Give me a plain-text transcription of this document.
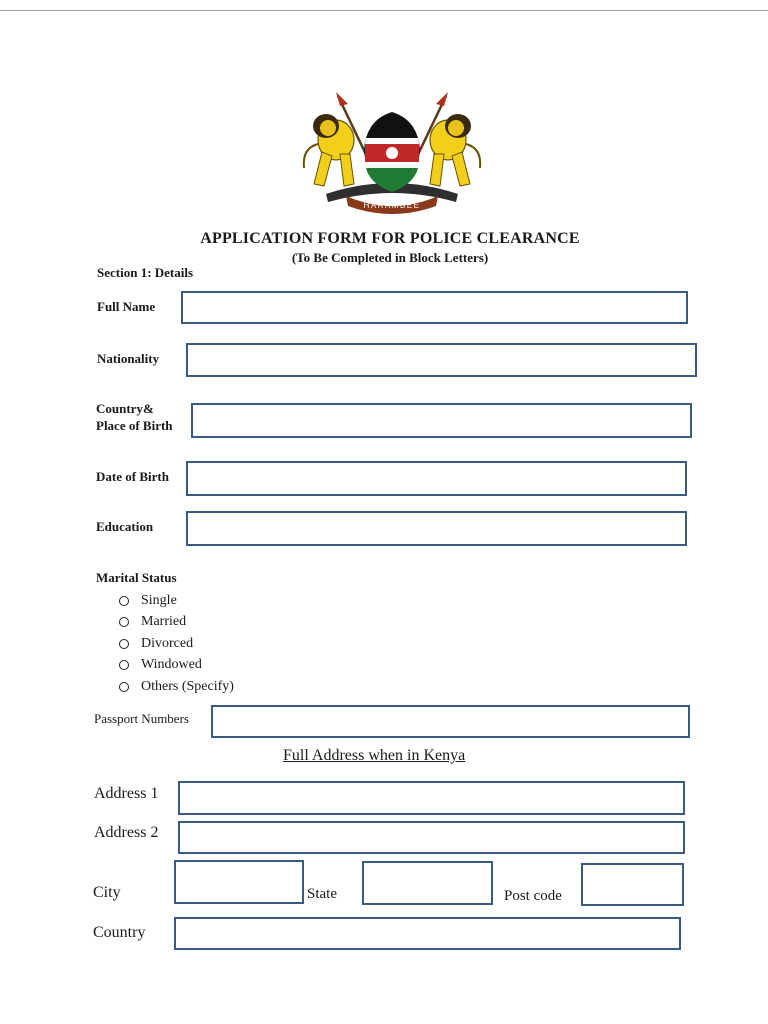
HARAMBEE
APPLICATION FORM FOR POLICE CLEARANCE
(To Be Completed in Block Letters)
Section 1: Details
Full Name
Nationality
Country&
Place of Birth
Date of Birth
Education
Marital Status
Single
Married
Divorced
Windowed
Others (Specify)
Passport Numbers
Full Address when in Kenya
Address 1
Address 2
City	State	Post code
Country
